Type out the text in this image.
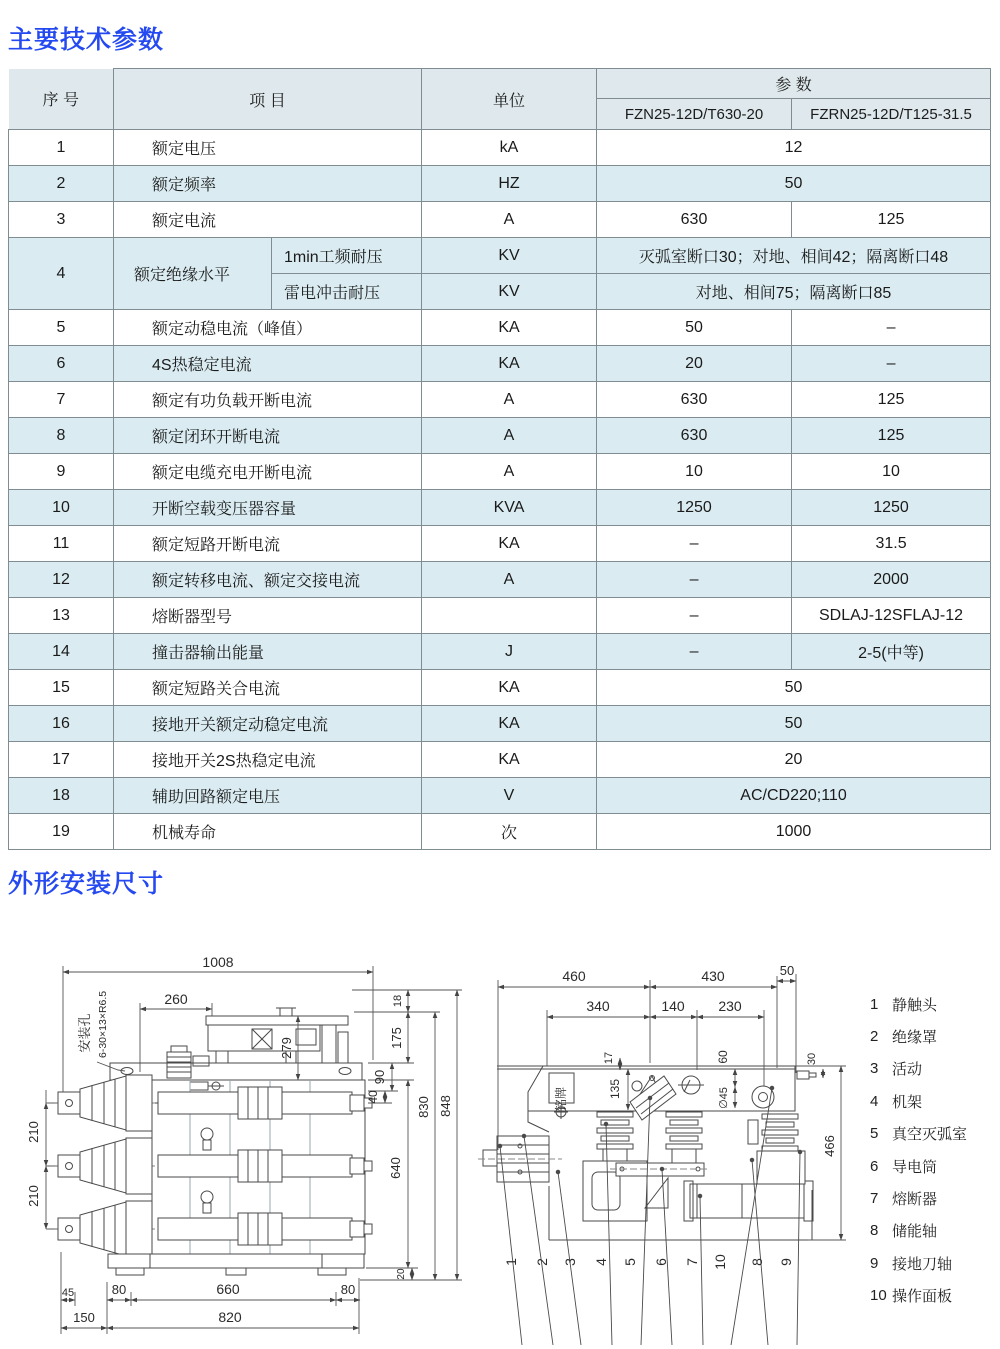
主要技术参数
序 号	项 目		单位	参 数	
				FZN25-12D/T630-20	FZRN25-12D/T125-31.5
1	额定电压		kA	12	
2	额定频率		HZ	50	
3	额定电流		A	630	125
4	额定绝缘水平	1min工频耐压	KV	灭弧室断口30；对地、相间42；隔离断口48	
		雷电冲击耐压	KV	对地、相间75；隔离断口85	
5	额定动稳电流（峰值）		KA	50	–
6	4S热稳定电流		KA	20	–
7	额定有功负载开断电流		A	630	125
8	额定闭环开断电流		A	630	125
9	额定电缆充电开断电流		A	10	10
10	开断空载变压器容量		KVA	1250	1250
11	额定短路开断电流		KA	–	31.5
12	额定转移电流、额定交接电流		A	–	2000
13	熔断器型号			–	SDLAJ-12SFLAJ-12
14	撞击器输出能量		J	–	2-5(中等)
15	额定短路关合电流		KA	50	
16	接地开关额定动稳定电流		KA	50	
17	接地开关2S热稳定电流		KA	20	
18	辅助回路额定电压		V	AC/CD220;110	
19	机械寿命		次	1000	
外形安装尺寸
1008
260
安装孔 6-30×13×R6.5	279
18
175
90
40
640
20
830 848
210
210
45	80	660	80
150	820
460	430	50
340	140 230
17
135
60
∅45
30
466
铭牌
1 2 3 4 5 6 7 10 8 9
1 静触头
2 绝缘罩
3 活动
4 机架
5 真空灭弧室
6 导电筒
7 熔断器
8 储能轴
9 接地刀轴
10 操作面板
